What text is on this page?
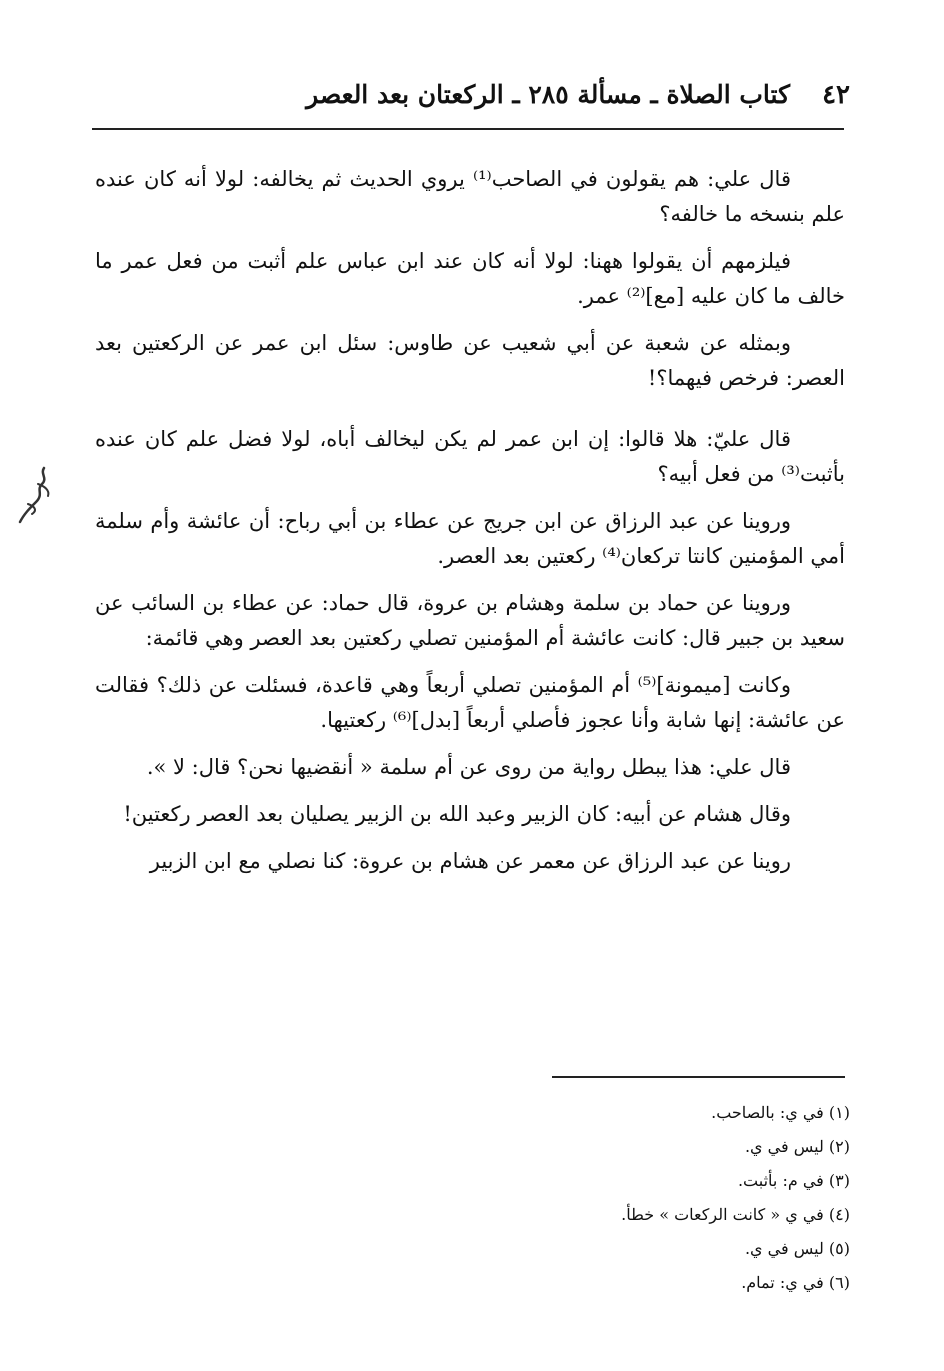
٤٢
كتاب الصلاة ـ مسألة ٢٨٥ ـ الركعتان بعد العصر

قال علي: هم يقولون في الصاحب⁽¹⁾ يروي الحديث ثم يخالفه: لولا أنه كان عنده علم بنسخه ما خالفه؟

فيلزمهم أن يقولوا ههنا: لولا أنه كان عند ابن عباس علم أثبت من فعل عمر ما خالف ما كان عليه [مع]⁽²⁾ عمر.

وبمثله عن شعبة عن أبي شعيب عن طاوس: سئل ابن عمر عن الركعتين بعد العصر: فرخص فيهما؟!

قال عليّ: هلا قالوا: إن ابن عمر لم يكن ليخالف أباه، لولا فضل علم كان عنده بأثبت⁽³⁾ من فعل أبيه؟

وروينا عن عبد الرزاق عن ابن جريج عن عطاء بن أبي رباح: أن عائشة وأم سلمة أمي المؤمنين كانتا تركعان⁽⁴⁾ ركعتين بعد العصر.

وروينا عن حماد بن سلمة وهشام بن عروة، قال حماد: عن عطاء بن السائب عن سعيد بن جبير قال: كانت عائشة أم المؤمنين تصلي ركعتين بعد العصر وهي قائمة:

وكانت [ميمونة]⁽⁵⁾ أم المؤمنين تصلي أربعاً وهي قاعدة، فسئلت عن ذلك؟ فقالت عن عائشة: إنها شابة وأنا عجوز فأصلي أربعاً [بدل]⁽⁶⁾ ركعتيها.

قال علي: هذا يبطل رواية من روى عن أم سلمة « أنقضيها نحن؟ قال: لا ».

وقال هشام عن أبيه: كان الزبير وعبد الله بن الزبير يصليان بعد العصر ركعتين!

روينا عن عبد الرزاق عن معمر عن هشام بن عروة: كنا نصلي مع ابن الزبير

(١) في ي: بالصاحب.
(٢) ليس في ي.
(٣) في م: بأثبت.
(٤) في ي « كانت الركعات » خطأ.
(٥) ليس في ي.
(٦) في ي: تمام.
